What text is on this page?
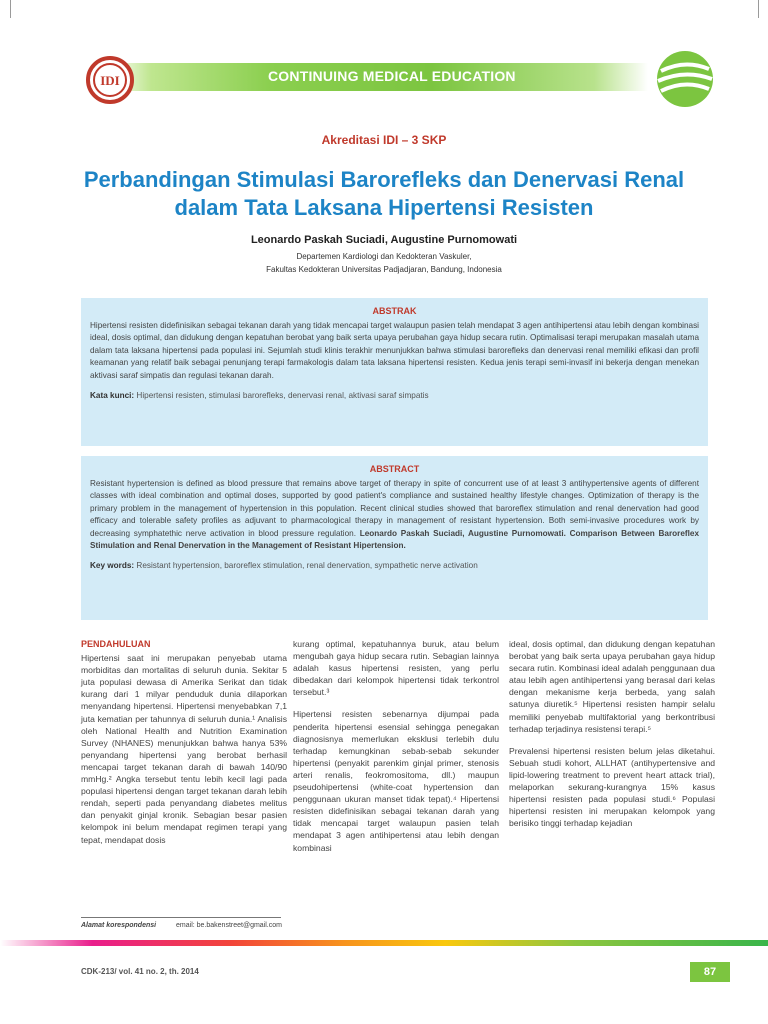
CONTINUING MEDICAL EDUCATION
IDI
Akreditasi IDI – 3 SKP
Perbandingan Stimulasi Barorefleks dan Denervasi Renal dalam Tata Laksana Hipertensi Resisten
Leonardo Paskah Suciadi, Augustine Purnomowati
Departemen Kardiologi dan Kedokteran Vaskuler,
Fakultas Kedokteran Universitas Padjadjaran, Bandung, Indonesia
ABSTRAK
Hipertensi resisten didefinisikan sebagai tekanan darah yang tidak mencapai target walaupun pasien telah mendapat 3 agen antihipertensi atau lebih dengan kombinasi ideal, dosis optimal, dan didukung dengan kepatuhan berobat yang baik serta upaya perubahan gaya hidup secara rutin. Optimalisasi terapi merupakan masalah utama dalam tata laksana hipertensi pada populasi ini. Sejumlah studi klinis terakhir menunjukkan bahwa stimulasi barorefleks dan denervasi renal memiliki efikasi dan profil keamanan yang relatif baik sebagai penunjang terapi farmakologis dalam tata laksana hipertensi resisten. Kedua jenis terapi semi-invasif ini bekerja dengan menekan aktivasi saraf simpatis dan regulasi tekanan darah.
Kata kunci: Hipertensi resisten, stimulasi barorefleks, denervasi renal, aktivasi saraf simpatis
ABSTRACT
Resistant hypertension is defined as blood pressure that remains above target of therapy in spite of concurrent use of at least 3 antihypertensive agents of different classes with ideal combination and optimal doses, supported by good patient's compliance and sustained healthy lifestyle changes. Optimization of therapy is the primary problem in the management of hypertension in this population. Recent clinical studies showed that baroreflex stimulation and renal denervation had good efficacy and tolerable safety profiles as adjuvant to pharmacological therapy in management of resistant hypertension. Both semi-invasive procedures work by decreasing symphatethic nerve activation in blood pressure regulation. Leonardo Paskah Suciadi, Augustine Purnomowati. Comparison Between Baroreflex Stimulation and Renal Denervation in the Management of Resistant Hipertension.
Key words: Resistant hypertension, baroreflex stimulation, renal denervation, sympathetic nerve activation
PENDAHULUAN

Hipertensi saat ini merupakan penyebab utama morbiditas dan mortalitas di seluruh dunia. Sekitar 5 juta populasi dewasa di Amerika Serikat dan tidak kurang dari 1 milyar penduduk dunia dilaporkan menyandang hipertensi. Hipertensi menyebabkan 7,1 juta kematian per tahunnya di seluruh dunia.¹ Analisis oleh National Health and Nutrition Examination Survey (NHANES) menunjukkan bahwa hanya 53% penyandang hipertensi yang berobat berhasil mencapai target tekanan darah di bawah 140/90 mmHg.² Angka tersebut tentu lebih kecil lagi pada populasi hipertensi dengan target tekanan darah lebih rendah, seperti pada penyandang diabetes melitus dan penyakit ginjal kronik. Sebagian besar pasien kelompok ini belum mendapat regimen terapi yang tepat, mendapat dosis

kurang optimal, kepatuhannya buruk, atau belum mengubah gaya hidup secara rutin. Sebagian lainnya adalah kasus hipertensi resisten, yang perlu dibedakan dari kelompok hipertensi tidak terkontrol tersebut.³

Hipertensi resisten sebenarnya dijumpai pada penderita hipertensi esensial sehingga penegakan diagnosisnya memerlukan eksklusi terlebih dulu terhadap kemungkinan sebab-sebab sekunder hipertensi (penyakit parenkim ginjal primer, stenosis arteri renalis, feokromositoma, dll.) maupun pseudohipertensi (white-coat hypertension dan penggunaan ukuran manset tidak tepat).⁴ Hipertensi resisten didefinisikan sebagai tekanan darah yang tidak mencapai target walaupun pasien telah mendapat 3 agen antihipertensi atau lebih dengan kombinasi

ideal, dosis optimal, dan didukung dengan kepatuhan berobat yang baik serta upaya perubahan gaya hidup secara rutin. Kombinasi ideal adalah penggunaan dua atau lebih agen antihipertensi yang berasal dari kelas dengan mekanisme kerja berbeda, yang salah satunya diuretik.⁵ Hipertensi resisten hampir selalu memiliki penyebab multifaktorial yang berkontribusi terhadap terjadinya resistensi terapi.⁵

Prevalensi hipertensi resisten belum jelas diketahui. Sebuah studi kohort, ALLHAT (antihypertensive and lipid-lowering treatment to prevent heart attack trial), melaporkan sekurang-kurangnya 15% kasus hipertensi resisten pada populasi studi.⁶ Populasi hipertensi resisten ini merupakan kelompok yang berisiko tinggi terhadap kejadian

Alamat korespondensi	email: be.bakenstreet@gmail.com
CDK-213/ vol. 41 no. 2, th. 2014	87
